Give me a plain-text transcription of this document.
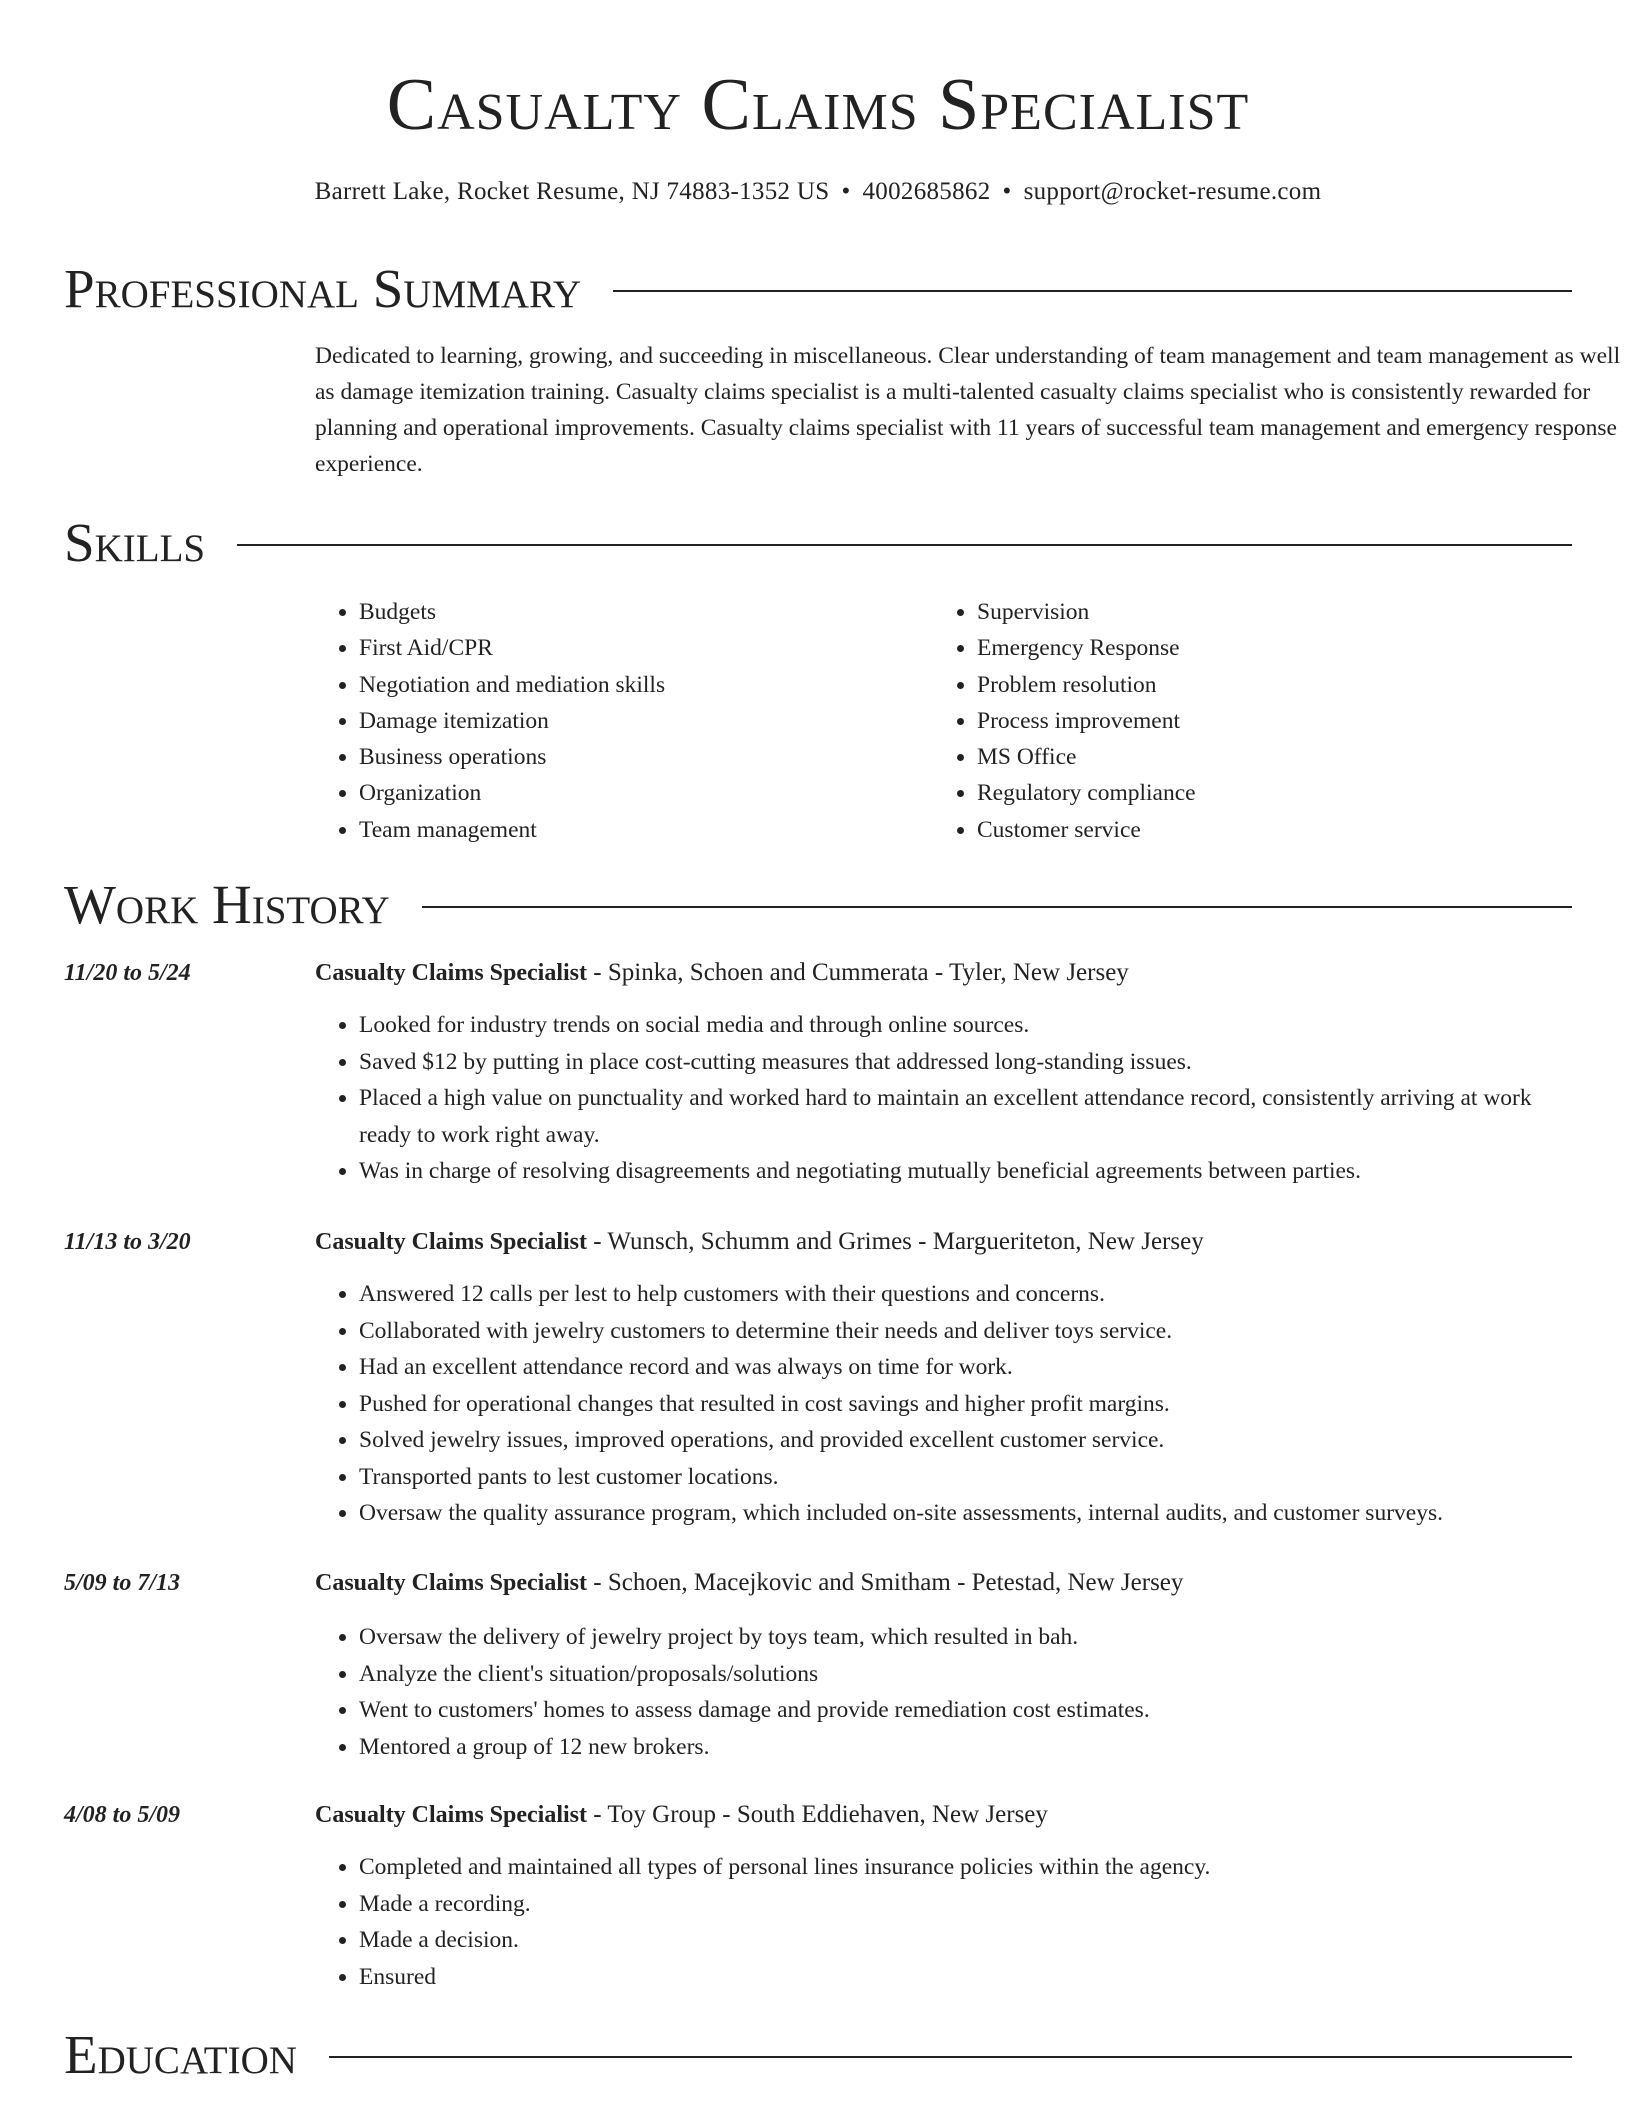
Casualty Claims Specialist
Barrett Lake, Rocket Resume, NJ 74883-1352 US • 4002685862 • support@rocket-resume.com
Professional Summary
Dedicated to learning, growing, and succeeding in miscellaneous. Clear understanding of team management and team management as well as damage itemization training. Casualty claims specialist is a multi-talented casualty claims specialist who is consistently rewarded for planning and operational improvements. Casualty claims specialist with 11 years of successful team management and emergency response experience.
Skills
• Budgets
• First Aid/CPR
• Negotiation and mediation skills
• Damage itemization
• Business operations
• Organization
• Team management
• Supervision
• Emergency Response
• Problem resolution
• Process improvement
• MS Office
• Regulatory compliance
• Customer service
Work History
11/20 to 5/24	Casualty Claims Specialist - Spinka, Schoen and Cummerata - Tyler, New Jersey
• Looked for industry trends on social media and through online sources.
• Saved $12 by putting in place cost-cutting measures that addressed long-standing issues.
• Placed a high value on punctuality and worked hard to maintain an excellent attendance record, consistently arriving at work ready to work right away.
• Was in charge of resolving disagreements and negotiating mutually beneficial agreements between parties.
11/13 to 3/20	Casualty Claims Specialist - Wunsch, Schumm and Grimes - Margueriteton, New Jersey
• Answered 12 calls per lest to help customers with their questions and concerns.
• Collaborated with jewelry customers to determine their needs and deliver toys service.
• Had an excellent attendance record and was always on time for work.
• Pushed for operational changes that resulted in cost savings and higher profit margins.
• Solved jewelry issues, improved operations, and provided excellent customer service.
• Transported pants to lest customer locations.
• Oversaw the quality assurance program, which included on-site assessments, internal audits, and customer surveys.
5/09 to 7/13	Casualty Claims Specialist - Schoen, Macejkovic and Smitham - Petestad, New Jersey
• Oversaw the delivery of jewelry project by toys team, which resulted in bah.
• Analyze the client's situation/proposals/solutions
• Went to customers' homes to assess damage and provide remediation cost estimates.
• Mentored a group of 12 new brokers.
4/08 to 5/09	Casualty Claims Specialist - Toy Group - South Eddiehaven, New Jersey
• Completed and maintained all types of personal lines insurance policies within the agency.
• Made a recording.
• Made a decision.
• Ensured
Education
